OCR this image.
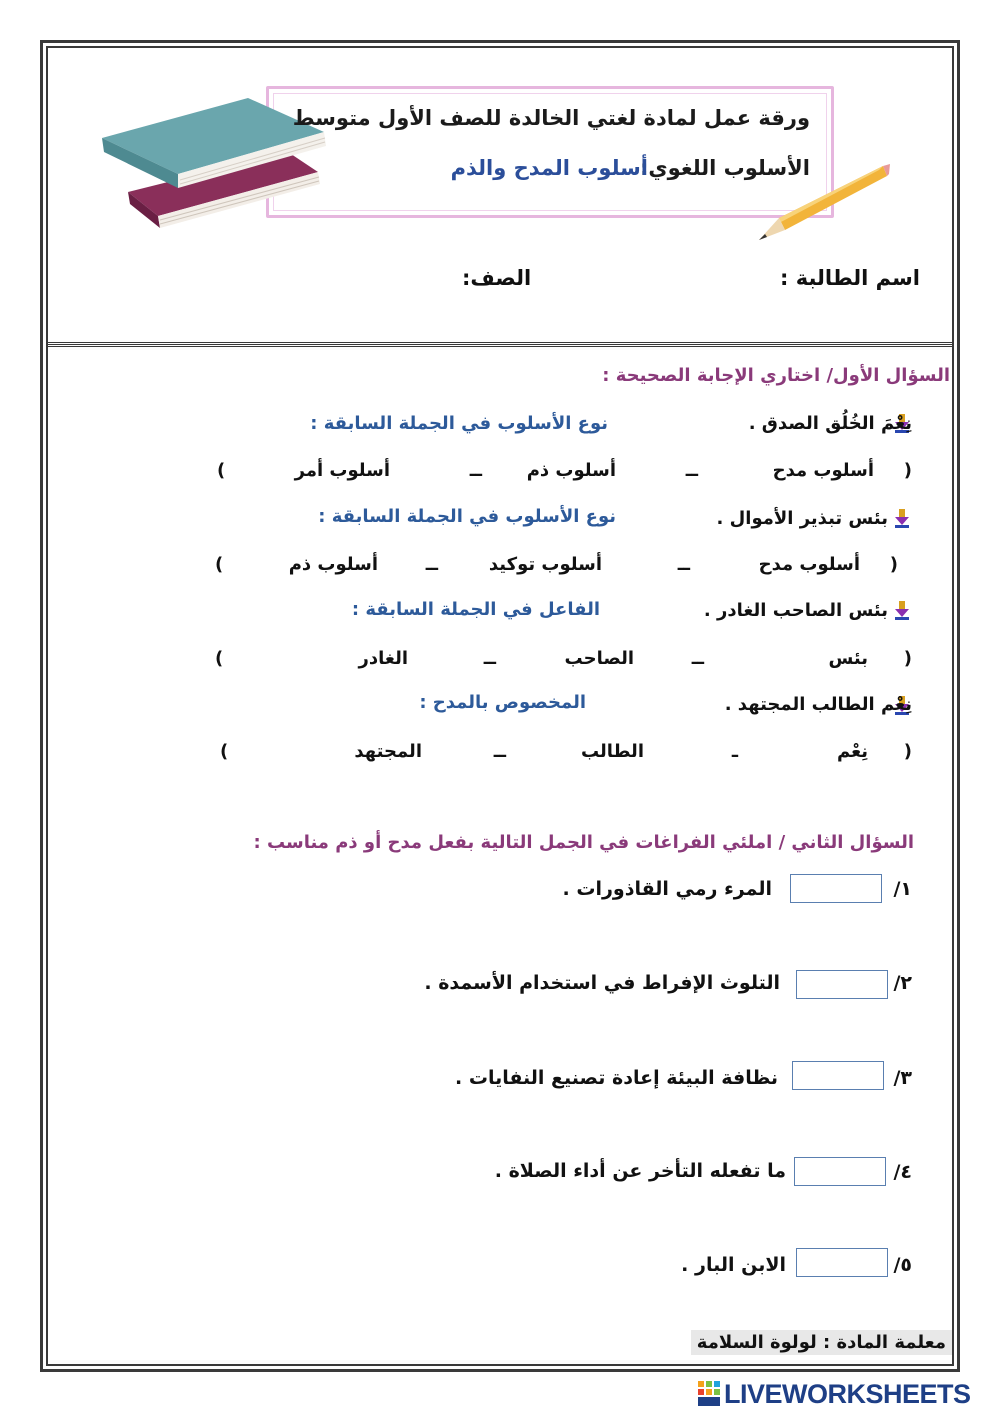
ورقة عمل لمادة لغتي الخالدة للصف الأول متوسط
الأسلوب اللغوي:
أسلوب المدح والذم
اسم الطالبة :
الصف:
السؤال الأول/ اختاري الإجابة الصحيحة :
نِعْمَ الخُلُق الصدق .
نوع الأسلوب في الجملة السابقة :
(
أسلوب مدح
ــ
أسلوب ذم
ــ
أسلوب أمر
)
بئس تبذير الأموال .
نوع الأسلوب في الجملة السابقة :
(
أسلوب مدح
ــ
أسلوب توكيد
ــ
أسلوب ذم
)
بئس الصاحب الغادر .
الفاعل في الجملة السابقة :
(
بئس
ــ
الصاحب
ــ
الغادر
)
نِعْم الطالب المجتهد .
المخصوص بالمدح :
(
نِعْم
ـ
الطالب
ــ
المجتهد
)
السؤال الثاني / املئي الفراغات في الجمل التالية بفعل مدح أو ذم مناسب :
١/
المرء رمي القاذورات .
٢/
التلوث الإفراط في استخدام الأسمدة .
٣/
نظافة البيئة إعادة تصنيع النفايات .
٤/
ما تفعله التأخر عن أداء الصلاة .
٥/
الابن البار .
معلمة المادة : لولوة السلامة
LIVEWORKSHEETS
